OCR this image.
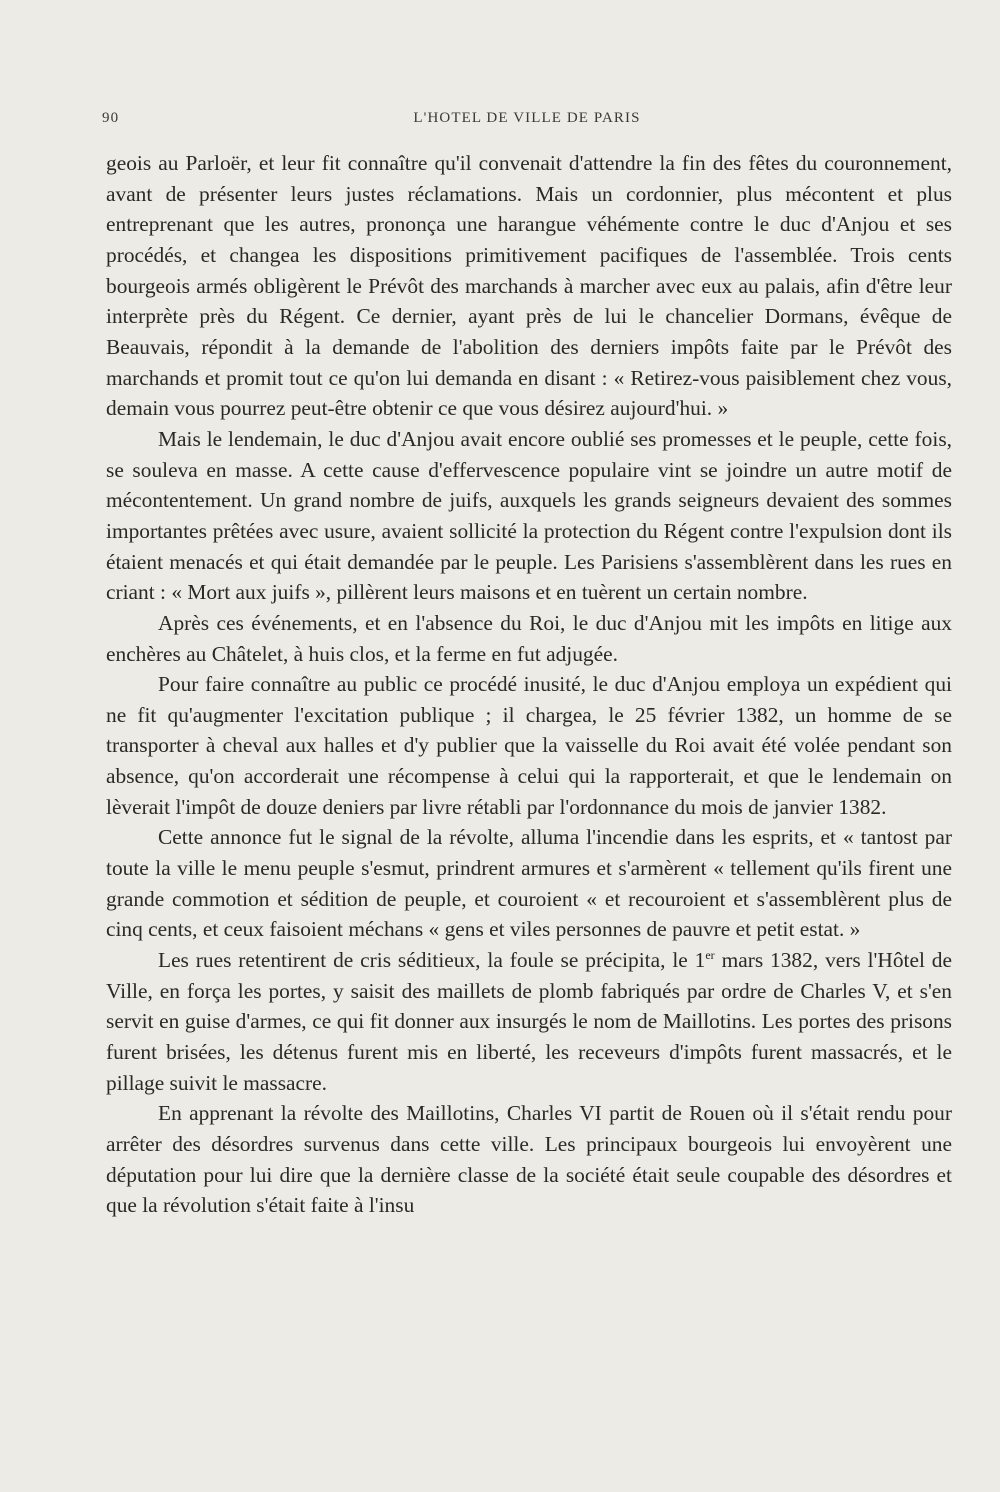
90	L'HOTEL DE VILLE DE PARIS

geois au Parloër, et leur fit connaître qu'il convenait d'attendre la fin des fêtes du couronnement, avant de présenter leurs justes réclamations. Mais un cordonnier, plus mécontent et plus entreprenant que les autres, prononça une harangue véhémente contre le duc d'Anjou et ses procédés, et changea les dispositions primitivement pacifiques de l'assemblée. Trois cents bourgeois armés obligèrent le Prévôt des marchands à marcher avec eux au palais, afin d'être leur interprète près du Régent. Ce dernier, ayant près de lui le chancelier Dormans, évêque de Beauvais, répondit à la demande de l'abolition des derniers impôts faite par le Prévôt des marchands et promit tout ce qu'on lui demanda en disant : « Retirez-vous paisiblement chez vous, demain vous pourrez peut-être obtenir ce que vous désirez aujourd'hui. »

Mais le lendemain, le duc d'Anjou avait encore oublié ses promesses et le peuple, cette fois, se souleva en masse. A cette cause d'effervescence populaire vint se joindre un autre motif de mécontentement. Un grand nombre de juifs, auxquels les grands seigneurs devaient des sommes importantes prêtées avec usure, avaient sollicité la protection du Régent contre l'expulsion dont ils étaient menacés et qui était demandée par le peuple. Les Parisiens s'assemblèrent dans les rues en criant : « Mort aux juifs », pillèrent leurs maisons et en tuèrent un certain nombre.

Après ces événements, et en l'absence du Roi, le duc d'Anjou mit les impôts en litige aux enchères au Châtelet, à huis clos, et la ferme en fut adjugée.

Pour faire connaître au public ce procédé inusité, le duc d'Anjou employa un expédient qui ne fit qu'augmenter l'excitation publique ; il chargea, le 25 février 1382, un homme de se transporter à cheval aux halles et d'y publier que la vaisselle du Roi avait été volée pendant son absence, qu'on accorderait une récompense à celui qui la rapporterait, et que le lendemain on lèverait l'impôt de douze deniers par livre rétabli par l'ordonnance du mois de janvier 1382.

Cette annonce fut le signal de la révolte, alluma l'incendie dans les esprits, et « tantost par toute la ville le menu peuple s'esmut, prindrent armures et s'armèrent « tellement qu'ils firent une grande commotion et sédition de peuple, et couroient « et recouroient et s'assemblèrent plus de cinq cents, et ceux faisoient méchans « gens et viles personnes de pauvre et petit estat. »

Les rues retentirent de cris séditieux, la foule se précipita, le 1er mars 1382, vers l'Hôtel de Ville, en força les portes, y saisit des maillets de plomb fabriqués par ordre de Charles V, et s'en servit en guise d'armes, ce qui fit donner aux insurgés le nom de Maillotins. Les portes des prisons furent brisées, les détenus furent mis en liberté, les receveurs d'impôts furent massacrés, et le pillage suivit le massacre.

En apprenant la révolte des Maillotins, Charles VI partit de Rouen où il s'était rendu pour arrêter des désordres survenus dans cette ville. Les principaux bourgeois lui envoyèrent une députation pour lui dire que la dernière classe de la société était seule coupable des désordres et que la révolution s'était faite à l'insu
